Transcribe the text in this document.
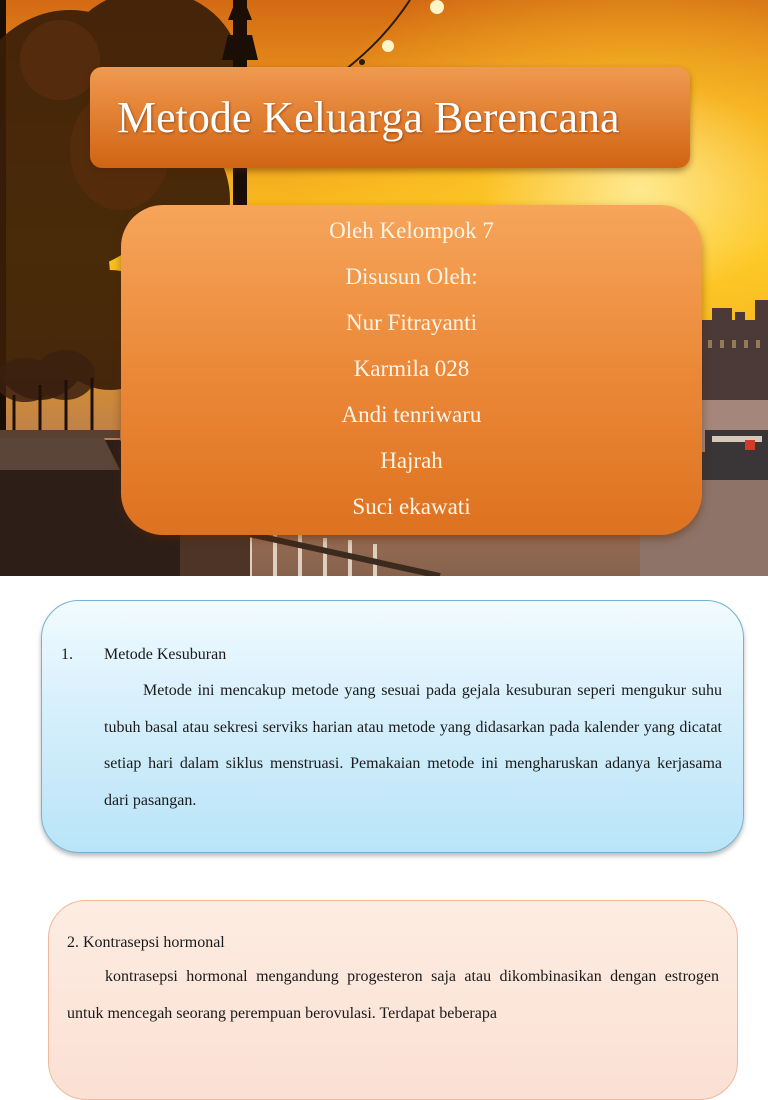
Metode Keluarga Berencana
Oleh Kelompok 7
Disusun Oleh:
Nur Fitrayanti
Karmila 028
Andi tenriwaru
Hajrah
Suci ekawati
1. Metode Kesuburan

Metode ini mencakup metode yang sesuai pada gejala kesuburan seperi mengukur suhu tubuh basal atau sekresi serviks harian atau metode yang didasarkan pada kalender yang dicatat setiap hari dalam siklus menstruasi. Pemakaian metode ini mengharuskan adanya kerjasama dari pasangan.

2. Kontrasepsi hormonal

kontrasepsi hormonal mengandung progesteron saja atau dikombinasikan dengan estrogen untuk mencegah seorang perempuan berovulasi. Terdapat beberapa
